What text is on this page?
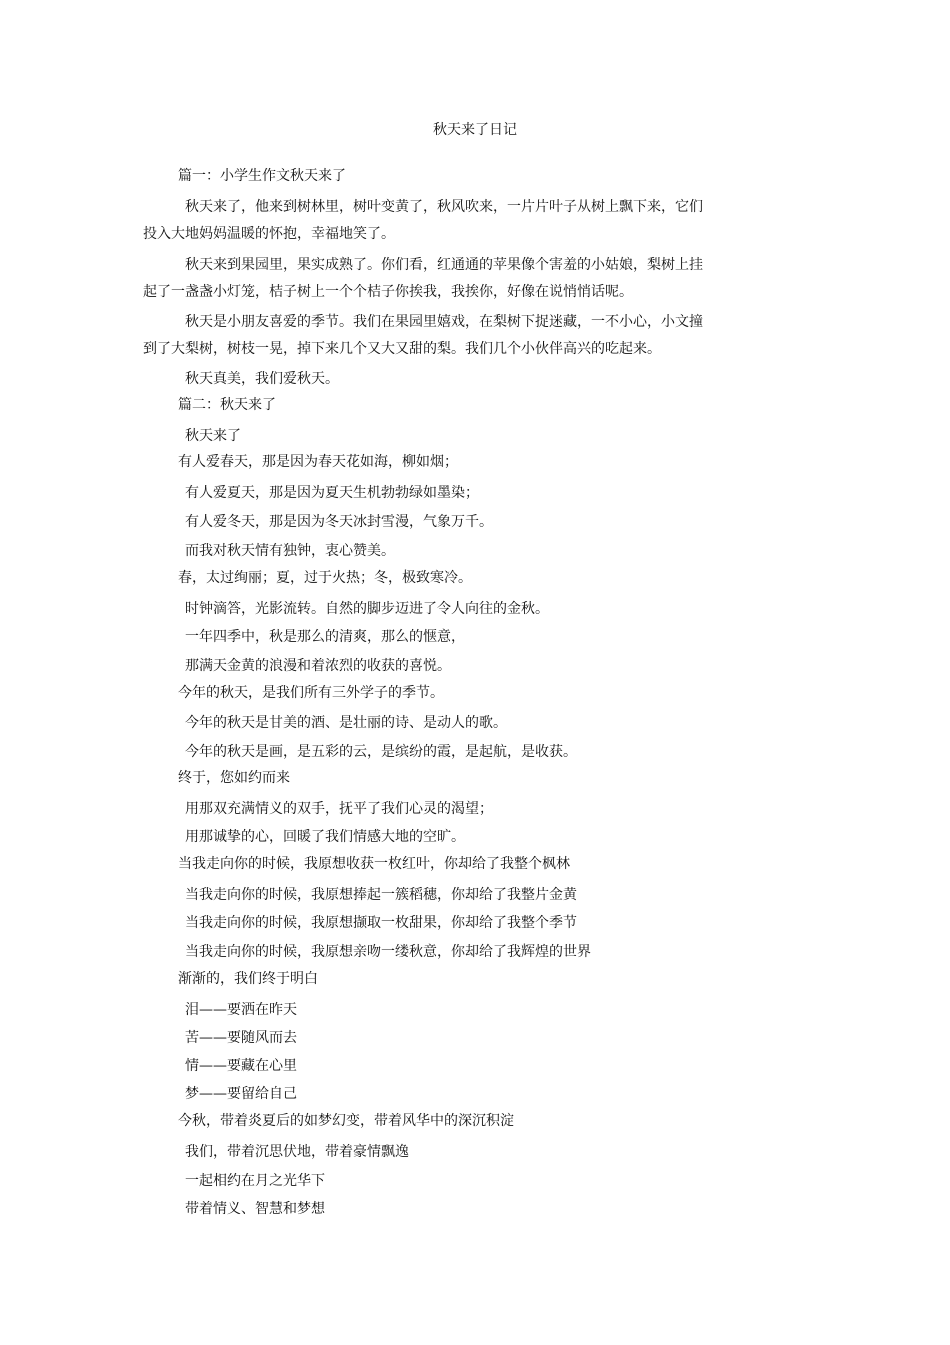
秋天来了日记
篇一：小学生作文秋天来了
秋天来了，他来到树林里，树叶变黄了，秋风吹来，一片片叶子从树上飘下来，它们
投入大地妈妈温暖的怀抱，幸福地笑了。
秋天来到果园里，果实成熟了。你们看，红通通的苹果像个害羞的小姑娘，梨树上挂
起了一盏盏小灯笼，桔子树上一个个桔子你挨我，我挨你，好像在说悄悄话呢。
秋天是小朋友喜爱的季节。我们在果园里嬉戏，在梨树下捉迷藏，一不小心，小文撞
到了大梨树，树枝一晃，掉下来几个又大又甜的梨。我们几个小伙伴高兴的吃起来。
秋天真美，我们爱秋天。
篇二：秋天来了
秋天来了
有人爱春天，那是因为春天花如海，柳如烟；
有人爱夏天，那是因为夏天生机勃勃绿如墨染；
有人爱冬天，那是因为冬天冰封雪漫，气象万千。
而我对秋天情有独钟，衷心赞美。
春，太过绚丽；夏，过于火热；冬，极致寒冷。
时钟滴答，光影流转。自然的脚步迈进了令人向往的金秋。
一年四季中，秋是那么的清爽，那么的惬意，
那满天金黄的浪漫和着浓烈的收获的喜悦。
今年的秋天，是我们所有三外学子的季节。
今年的秋天是甘美的酒、是壮丽的诗、是动人的歌。
今年的秋天是画，是五彩的云，是缤纷的霞，是起航，是收获。
终于，您如约而来
用那双充满情义的双手，抚平了我们心灵的渴望；
用那诚挚的心，回暖了我们情感大地的空旷。
当我走向你的时候，我原想收获一枚红叶，你却给了我整个枫林
当我走向你的时候，我原想捧起一簇稻穗，你却给了我整片金黄
当我走向你的时候，我原想撷取一枚甜果，你却给了我整个季节
当我走向你的时候，我原想亲吻一缕秋意，你却给了我辉煌的世界
渐渐的，我们终于明白
泪——要洒在昨天
苦——要随风而去
情——要藏在心里
梦——要留给自己
今秋，带着炎夏后的如梦幻变，带着风华中的深沉积淀
我们，带着沉思伏地，带着豪情飘逸
一起相约在月之光华下
带着情义、智慧和梦想
